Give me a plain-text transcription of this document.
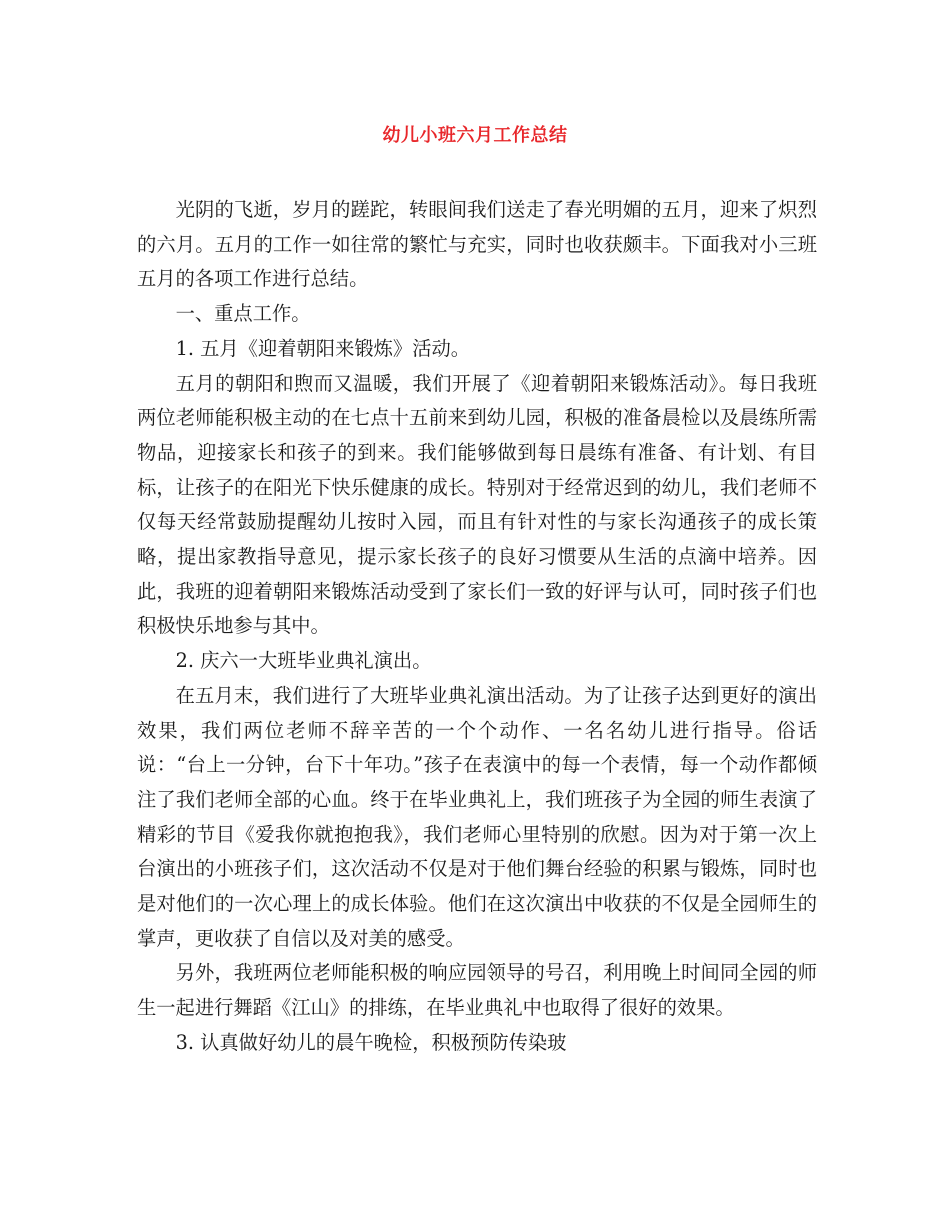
幼儿小班六月工作总结

光阴的飞逝，岁月的蹉跎，转眼间我们送走了春光明媚的五月，迎来了炽烈的六月。五月的工作一如往常的繁忙与充实，同时也收获颇丰。下面我对小三班五月的各项工作进行总结。

一、重点工作。

1. 五月《迎着朝阳来锻炼》活动。

五月的朝阳和煦而又温暖，我们开展了《迎着朝阳来锻炼活动》。每日我班两位老师能积极主动的在七点十五前来到幼儿园，积极的准备晨检以及晨练所需物品，迎接家长和孩子的到来。我们能够做到每日晨练有准备、有计划、有目标，让孩子的在阳光下快乐健康的成长。特别对于经常迟到的幼儿，我们老师不仅每天经常鼓励提醒幼儿按时入园，而且有针对性的与家长沟通孩子的成长策略，提出家教指导意见，提示家长孩子的良好习惯要从生活的点滴中培养。因此，我班的迎着朝阳来锻炼活动受到了家长们一致的好评与认可，同时孩子们也积极快乐地参与其中。

2. 庆六一大班毕业典礼演出。

在五月末，我们进行了大班毕业典礼演出活动。为了让孩子达到更好的演出效果，我们两位老师不辞辛苦的一个个动作、一名名幼儿进行指导。俗话说：“台上一分钟，台下十年功。”孩子在表演中的每一个表情，每一个动作都倾注了我们老师全部的心血。终于在毕业典礼上，我们班孩子为全园的师生表演了精彩的节目《爱我你就抱抱我》，我们老师心里特别的欣慰。因为对于第一次上台演出的小班孩子们，这次活动不仅是对于他们舞台经验的积累与锻炼，同时也是对他们的一次心理上的成长体验。他们在这次演出中收获的不仅是全园师生的掌声，更收获了自信以及对美的感受。

另外，我班两位老师能积极的响应园领导的号召，利用晚上时间同全园的师生一起进行舞蹈《江山》的排练，在毕业典礼中也取得了很好的效果。

3. 认真做好幼儿的晨午晚检，积极预防传染玻
